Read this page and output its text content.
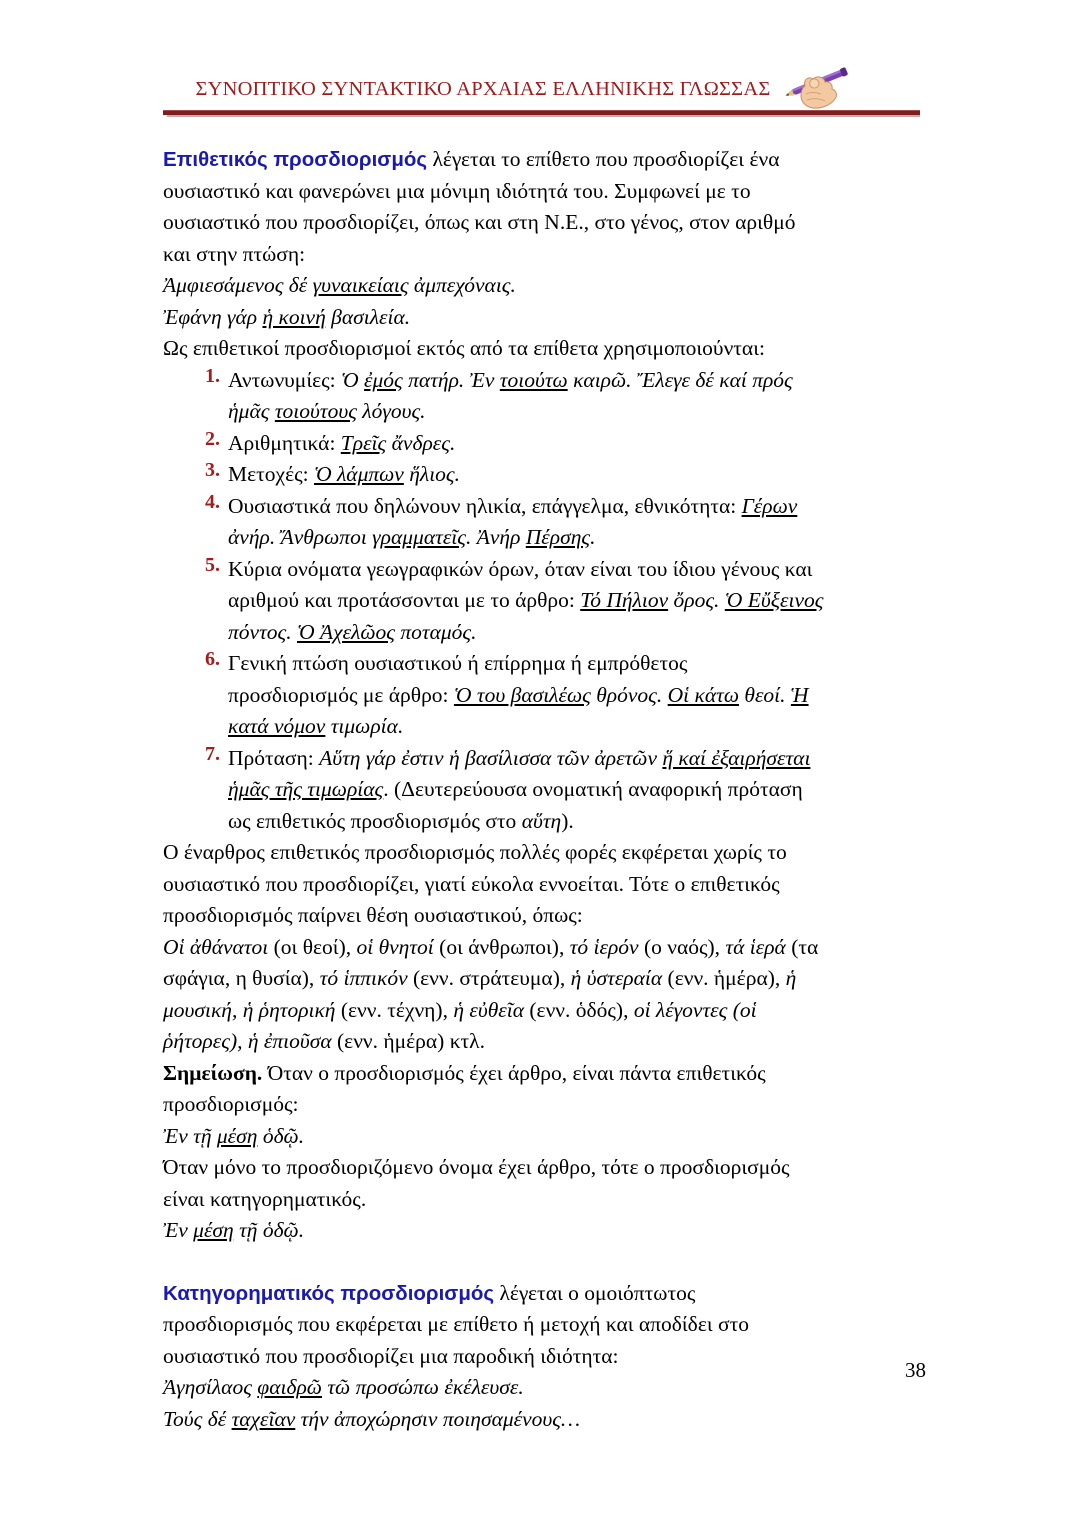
ΣΥΝΟΠΤΙΚΟ ΣΥΝΤΑΚΤΙΚΟ ΑΡΧΑΙΑΣ ΕΛΛΗΝΙΚΗΣ ΓΛΩΣΣΑΣ
Επιθετικός προσδιορισμός λέγεται το επίθετο που προσδιορίζει ένα
ουσιαστικό και φανερώνει μια μόνιμη ιδιότητά του. Συμφωνεί με το
ουσιαστικό που προσδιορίζει, όπως και στη Ν.Ε., στο γένος, στον αριθμό
και στην πτώση:
Ἀμφιεσάμενος δέ γυναικείαις ἀμπεχόναις.
Ἐφάνη γάρ ἡ κοινή βασιλεία.
Ως επιθετικοί προσδιορισμοί εκτός από τα επίθετα χρησιμοποιούνται:
1. Αντωνυμίες: Ὁ ἐμός πατήρ. Ἐν τοιούτω καιρῶ. Ἔλεγε δέ καί πρός
ἡμᾶς τοιούτους λόγους.
2. Αριθμητικά: Τρεῖς ἄνδρες.
3. Μετοχές: Ὁ λάμπων ἥλιος.
4. Ουσιαστικά που δηλώνουν ηλικία, επάγγελμα, εθνικότητα: Γέρων
ἀνήρ. Ἄνθρωποι γραμματεῖς. Ἀνήρ Πέρσης.
5. Κύρια ονόματα γεωγραφικών όρων, όταν είναι του ίδιου γένους και
αριθμού και προτάσσονται με το άρθρο: Τό Πήλιον ὄρος. Ὁ Εὔξεινος
πόντος. Ὁ Ἀχελῶος ποταμός.
6. Γενική πτώση ουσιαστικού ή επίρρημα ή εμπρόθετος
προσδιορισμός με άρθρο: Ὁ του βασιλέως θρόνος. Οἱ κάτω θεοί. Ἡ
κατά νόμον τιμωρία.
7. Πρόταση: Αὕτη γάρ ἐστιν ἡ βασίλισσα τῶν ἀρετῶν ἥ καί ἐξαιρήσεται
ἡμᾶς τῆς τιμωρίας. (Δευτερεύουσα ονοματική αναφορική πρόταση
ως επιθετικός προσδιορισμός στο αὕτη).
Ο έναρθρος επιθετικός προσδιορισμός πολλές φορές εκφέρεται χωρίς το
ουσιαστικό που προσδιορίζει, γιατί εύκολα εννοείται. Τότε ο επιθετικός
προσδιορισμός παίρνει θέση ουσιαστικού, όπως:
Οἱ ἀθάνατοι (οι θεοί), οἱ θνητοί (οι άνθρωποι), τό ἱερόν (ο ναός), τά ἱερά (τα
σφάγια, η θυσία), τό ἱππικόν (ενν. στράτευμα), ἡ ὑστεραία (ενν. ἡμέρα), ἡ
μουσική, ἡ ῥητορική (ενν. τέχνη), ἡ εὐθεῖα (ενν. ὁδός), οἱ λέγοντες (οἱ
ῥήτορες), ἡ ἐπιοῦσα (ενν. ἡμέρα) κτλ.
Σημείωση. Όταν ο προσδιορισμός έχει άρθρο, είναι πάντα επιθετικός
προσδιορισμός:
Ἐν τῇ μέση ὁδῷ.
Όταν μόνο το προσδιοριζόμενο όνομα έχει άρθρο, τότε ο προσδιορισμός
είναι κατηγορηματικός.
Ἐν μέση τῇ ὁδῷ.
Κατηγορηματικός προσδιορισμός λέγεται ο ομοιόπτωτος
προσδιορισμός που εκφέρεται με επίθετο ή μετοχή και αποδίδει στο
ουσιαστικό που προσδιορίζει μια παροδική ιδιότητα:
Ἀγησίλαος φαιδρῶ τῶ προσώπω ἐκέλευσε.
Τούς δέ ταχεῖαν τήν ἀποχώρησιν ποιησαμένους…
38
